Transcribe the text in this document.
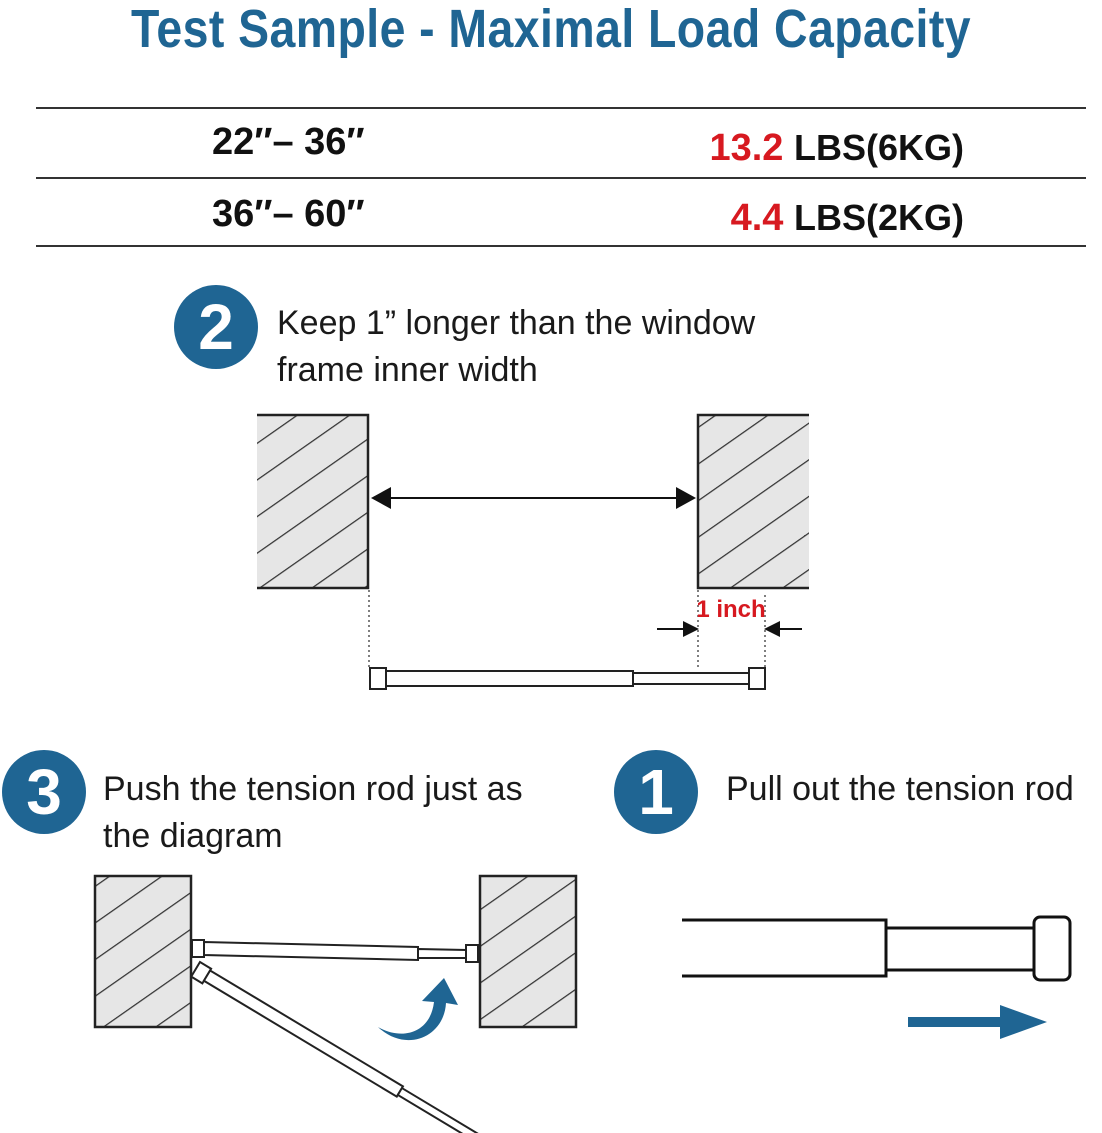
Test Sample - Maximal Load Capacity
22″– 36″	13.2 LBS(6KG)
36″– 60″	4.4 LBS(2KG)
2	Keep 1” longer than the window
frame inner width
3	Push the tension rod just as
the diagram
1	Pull out the tension rod
1 inch
